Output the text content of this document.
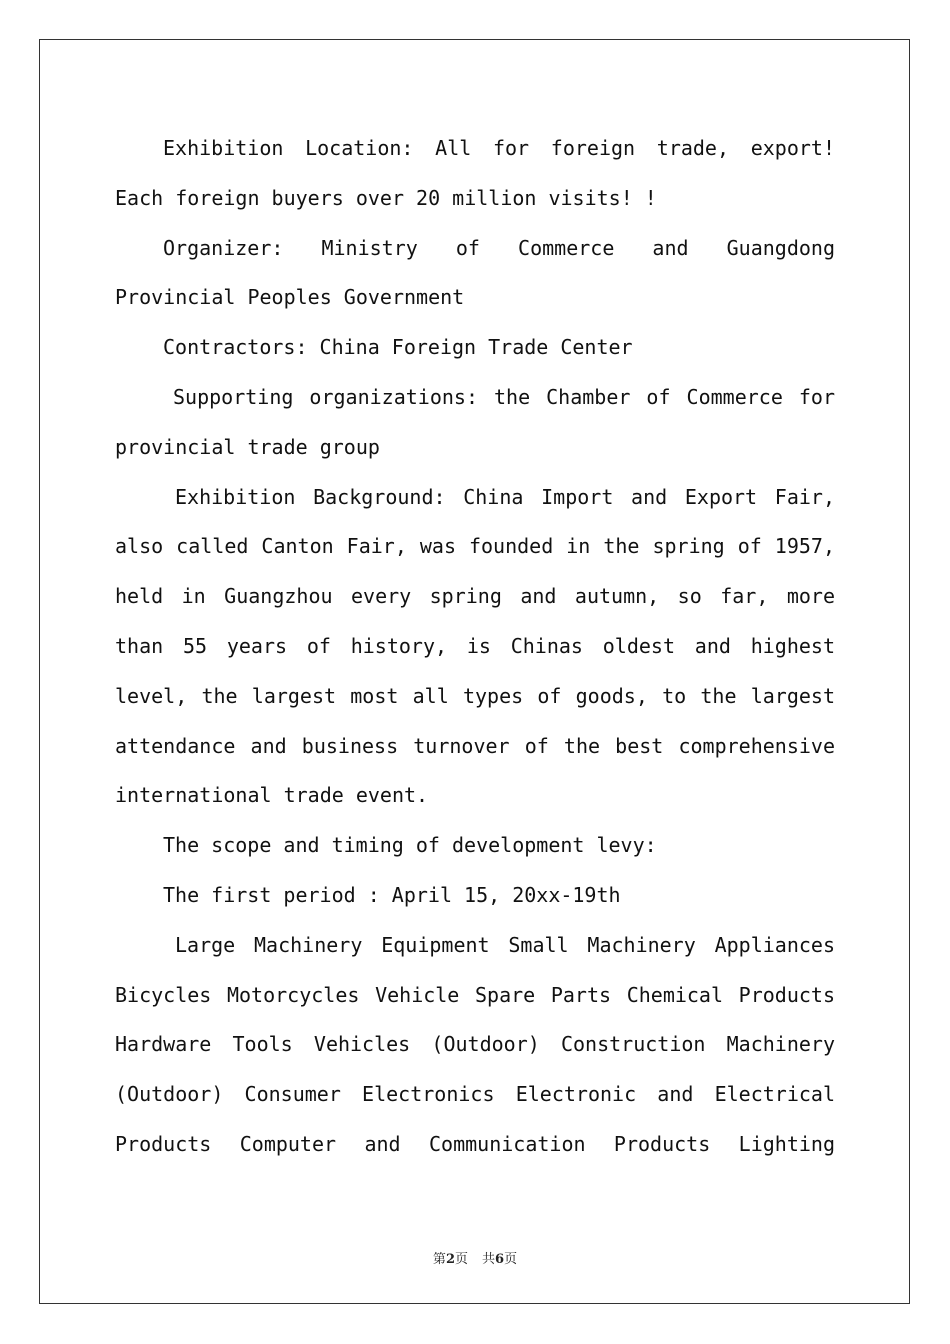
Exhibition Location: All for foreign trade, export! Each foreign buyers over 20 million visits! !

Organizer: Ministry of Commerce and Guangdong Provincial Peoples Government

Contractors: China Foreign Trade Center

Supporting organizations: the Chamber of Commerce for provincial trade group

Exhibition Background: China Import and Export Fair, also called Canton Fair, was founded in the spring of 1957, held in Guangzhou every spring and autumn, so far, more than 55 years of history, is Chinas oldest and highest level, the largest most all types of goods, to the largest attendance and business turnover of the best comprehensive international trade event.

The scope and timing of development levy:

The first period : April 15, 20xx-19th

Large Machinery Equipment Small Machinery Appliances Bicycles Motorcycles Vehicle Spare Parts Chemical Products Hardware Tools Vehicles (Outdoor) Construction Machinery (Outdoor) Consumer Electronics Electronic and Electrical Products Computer and Communication Products Lighting

第2页 共6页
